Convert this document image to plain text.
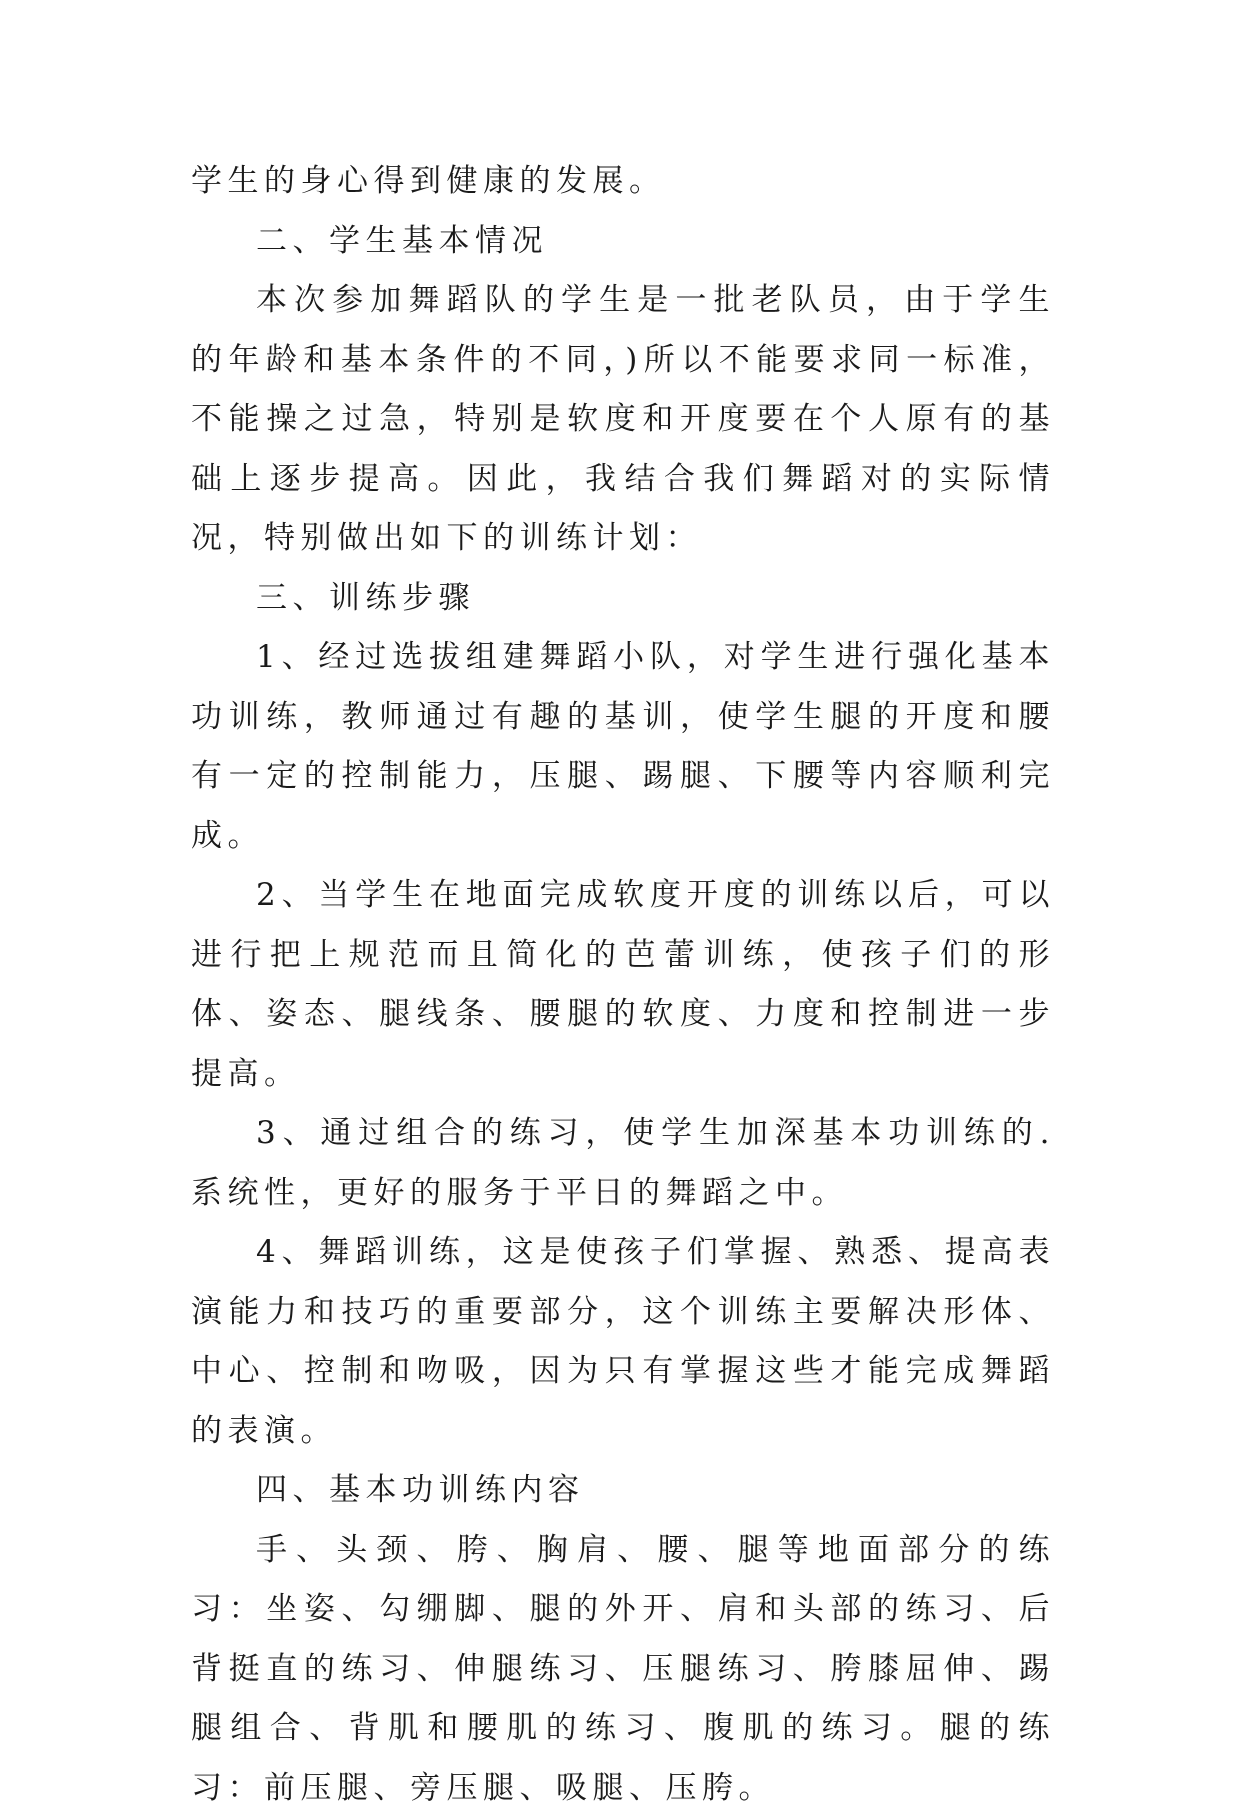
学生的身心得到健康的发展。

二、学生基本情况

本次参加舞蹈队的学生是一批老队员，由于学生的年龄和基本条件的不同，)所以不能要求同一标准，不能操之过急，特别是软度和开度要在个人原有的基础上逐步提高。因此，我结合我们舞蹈对的实际情况，特别做出如下的训练计划：

三、训练步骤

1、经过选拔组建舞蹈小队，对学生进行强化基本功训练，教师通过有趣的基训，使学生腿的开度和腰有一定的控制能力，压腿、踢腿、下腰等内容顺利完成。

2、当学生在地面完成软度开度的训练以后，可以进行把上规范而且简化的芭蕾训练，使孩子们的形体、姿态、腿线条、腰腿的软度、力度和控制进一步提高。

3、通过组合的练习，使学生加深基本功训练的.系统性，更好的服务于平日的舞蹈之中。

4、舞蹈训练，这是使孩子们掌握、熟悉、提高表演能力和技巧的重要部分，这个训练主要解决形体、中心、控制和吻吸，因为只有掌握这些才能完成舞蹈的表演。

四、基本功训练内容

手、头颈、胯、胸肩、腰、腿等地面部分的练习：坐姿、勾绷脚、腿的外开、肩和头部的练习、后背挺直的练习、伸腿练习、压腿练习、胯膝屈伸、踢腿组合、背肌和腰肌的练习、腹肌的练习。腿的练习：前压腿、旁压腿、吸腿、压胯。
